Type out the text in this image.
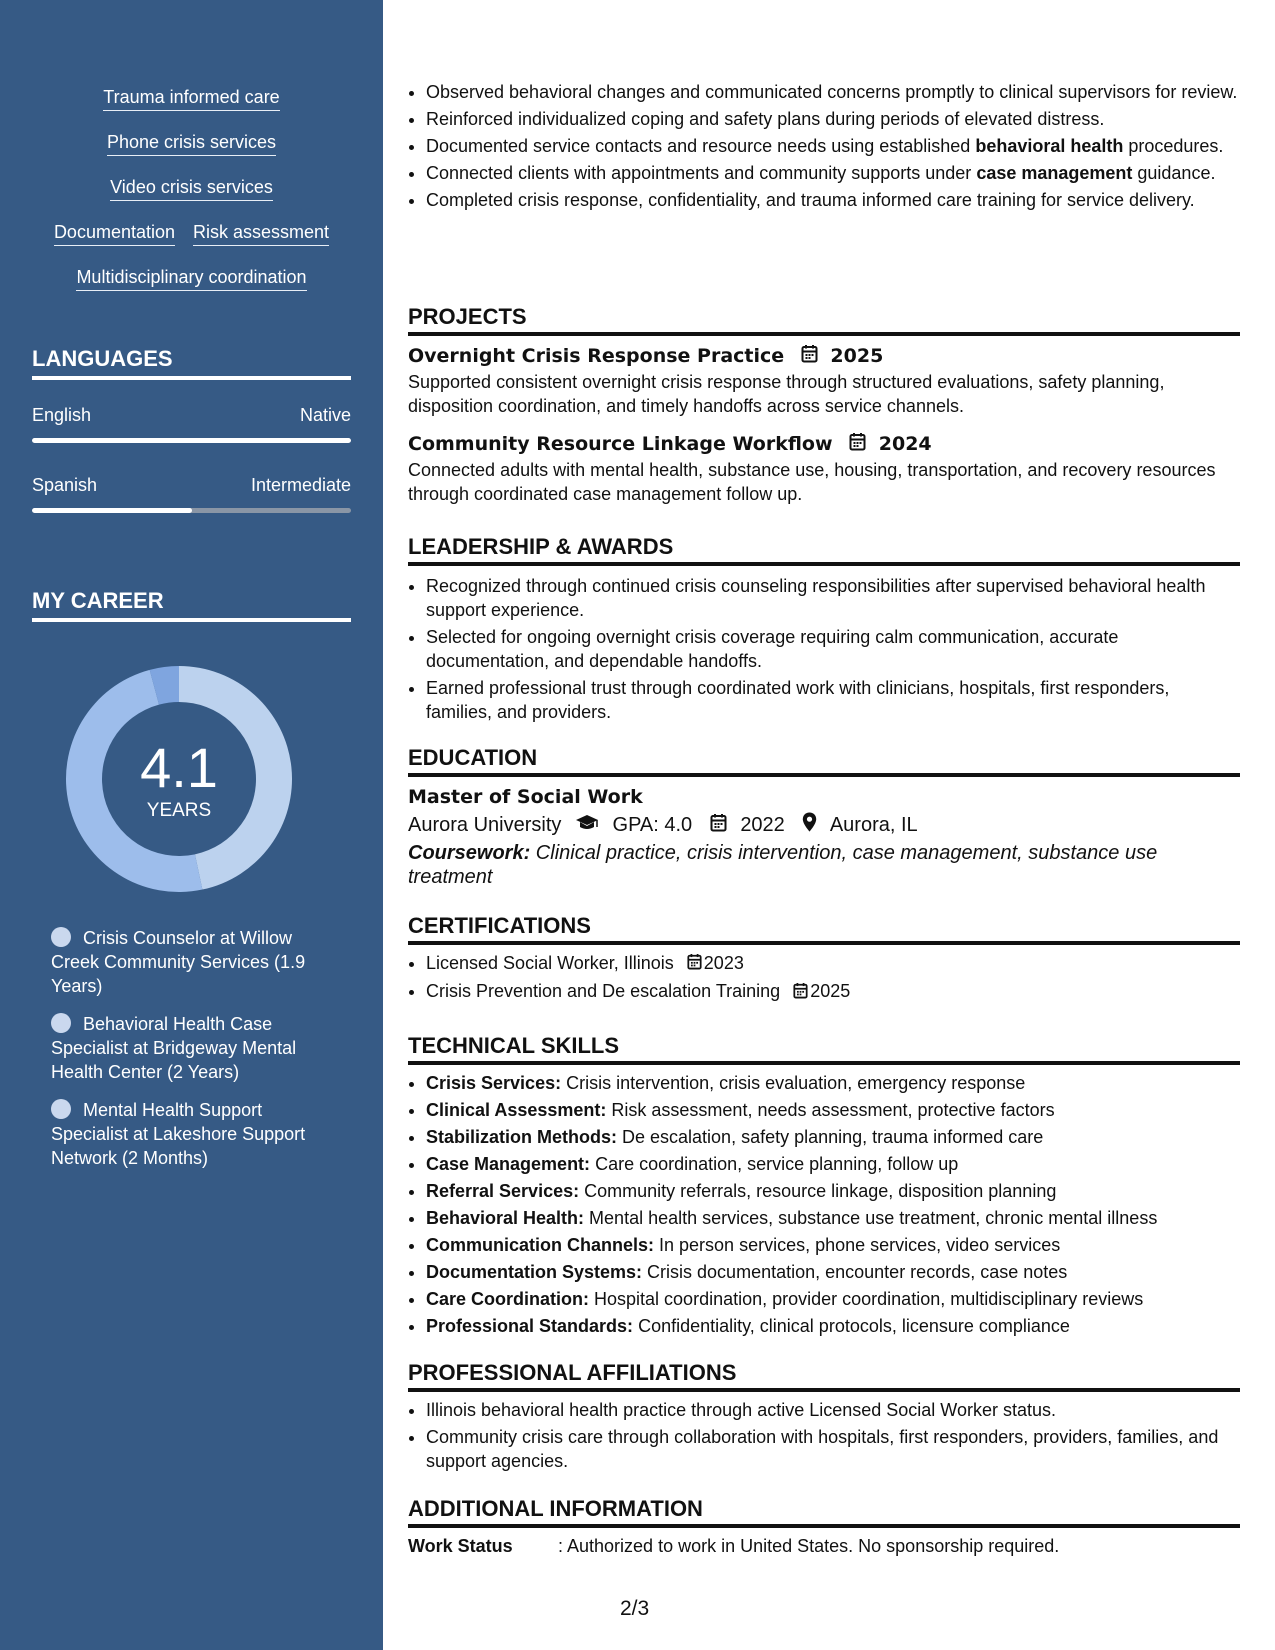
Trauma informed care
Phone crisis services
Video crisis services
Documentation Risk assessment
Multidisciplinary coordination
LANGUAGES
English	Native
Spanish	Intermediate
MY CAREER
4.1
YEARS
Crisis Counselor at Willow Creek Community Services (1.9 Years)
Behavioral Health Case Specialist at Bridgeway Mental Health Center (2 Years)
Mental Health Support Specialist at Lakeshore Support Network (2 Months)
• Observed behavioral changes and communicated concerns promptly to clinical supervisors for review.
• Reinforced individualized coping and safety plans during periods of elevated distress.
• Documented service contacts and resource needs using established behavioral health procedures.
• Connected clients with appointments and community supports under case management guidance.
• Completed crisis response, confidentiality, and trauma informed care training for service delivery.
PROJECTS
Overnight Crisis Response Practice 2025
Supported consistent overnight crisis response through structured evaluations, safety planning, disposition coordination, and timely handoffs across service channels.
Community Resource Linkage Workflow 2024
Connected adults with mental health, substance use, housing, transportation, and recovery resources through coordinated case management follow up.
LEADERSHIP & AWARDS
• Recognized through continued crisis counseling responsibilities after supervised behavioral health support experience.
• Selected for ongoing overnight crisis coverage requiring calm communication, accurate documentation, and dependable handoffs.
• Earned professional trust through coordinated work with clinicians, hospitals, first responders, families, and providers.
EDUCATION
Master of Social Work
Aurora University	GPA: 4.0 2022 Aurora, IL
Coursework: Clinical practice, crisis intervention, case management, substance use treatment
CERTIFICATIONS
• Licensed Social Worker, Illinois 2023
• Crisis Prevention and De escalation Training 2025
TECHNICAL SKILLS
• Crisis Services: Crisis intervention, crisis evaluation, emergency response
• Clinical Assessment: Risk assessment, needs assessment, protective factors
• Stabilization Methods: De escalation, safety planning, trauma informed care
• Case Management: Care coordination, service planning, follow up
• Referral Services: Community referrals, resource linkage, disposition planning
• Behavioral Health: Mental health services, substance use treatment, chronic mental illness
• Communication Channels: In person services, phone services, video services
• Documentation Systems: Crisis documentation, encounter records, case notes
• Care Coordination: Hospital coordination, provider coordination, multidisciplinary reviews
• Professional Standards: Confidentiality, clinical protocols, licensure compliance
PROFESSIONAL AFFILIATIONS
• Illinois behavioral health practice through active Licensed Social Worker status.
• Community crisis care through collaboration with hospitals, first responders, providers, families, and support agencies.
ADDITIONAL INFORMATION
Work Status	: Authorized to work in United States. No sponsorship required.
2/3
